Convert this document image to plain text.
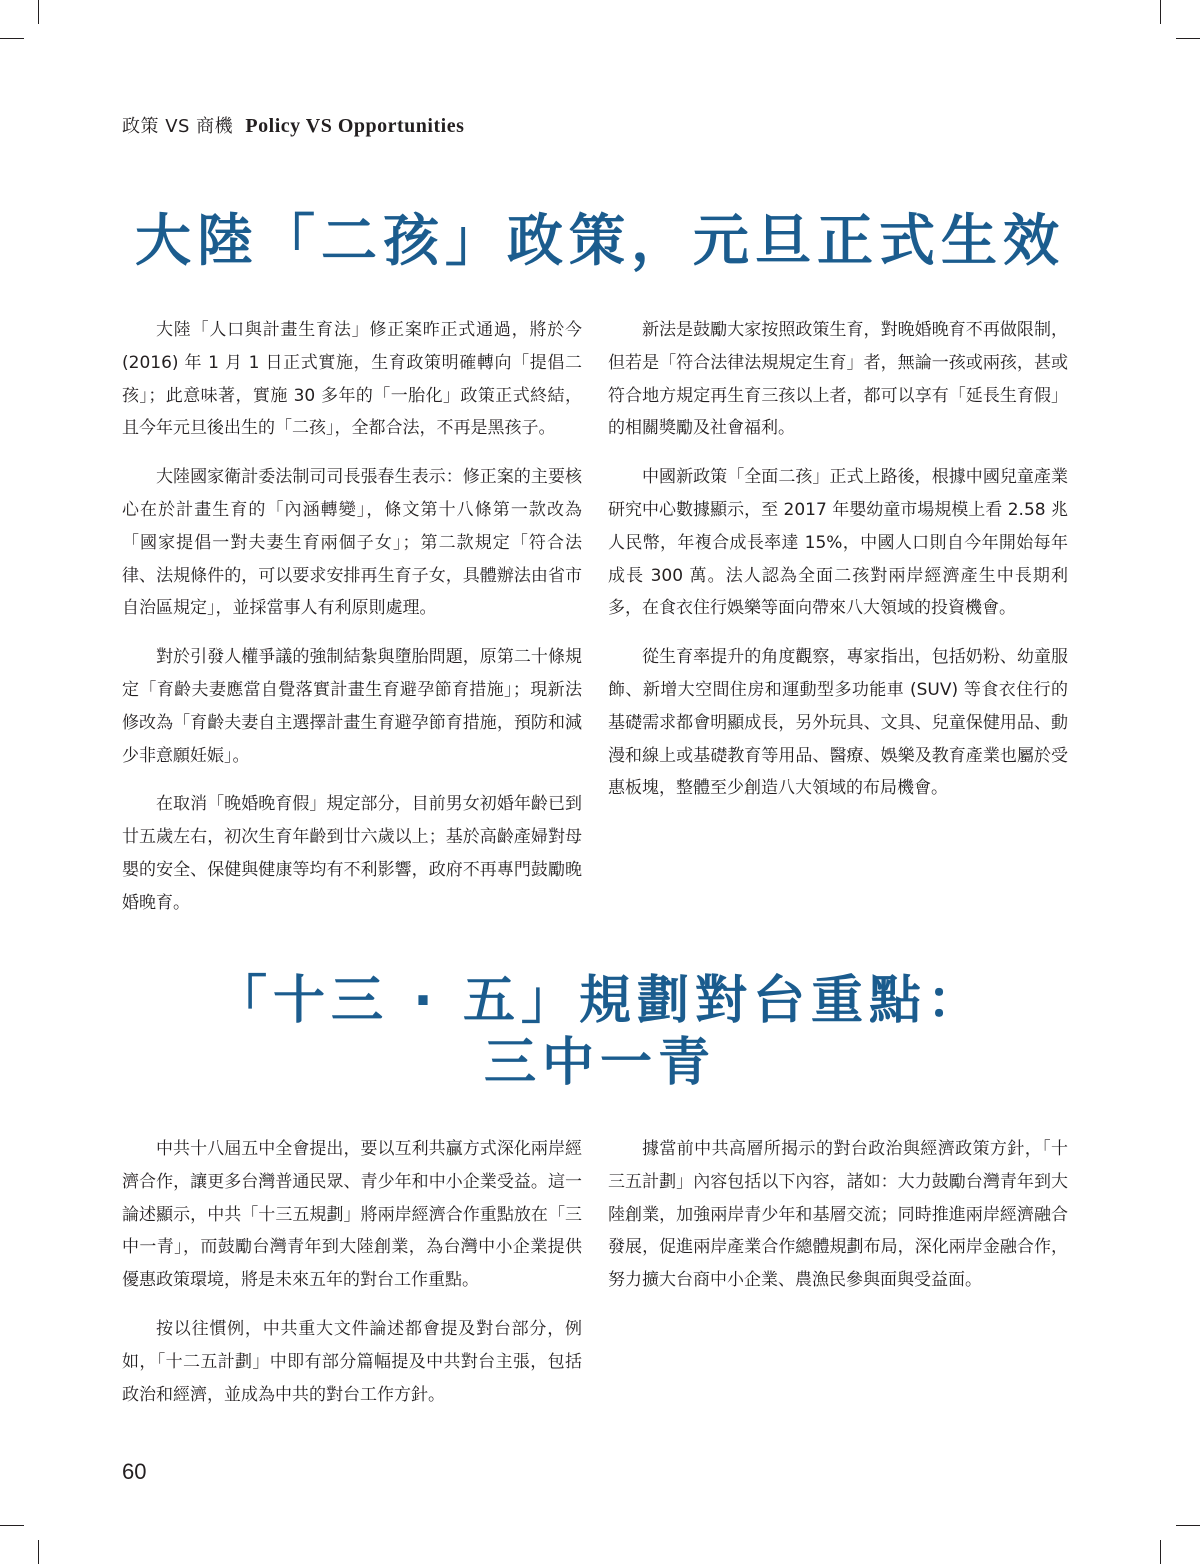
政策 VS 商機 Policy VS Opportunities
大陸「二孩」政策，元旦正式生效

大陸「人口與計畫生育法」修正案昨正式通過，將於今 (2016) 年 1 月 1 日正式實施，生育政策明確轉向「提倡二孩」；此意味著，實施 30 多年的「一胎化」政策正式終結，且今年元旦後出生的「二孩」，全都合法，不再是黑孩子。

大陸國家衛計委法制司司長張春生表示：修正案的主要核心在於計畫生育的「內涵轉變」，條文第十八條第一款改為「國家提倡一對夫妻生育兩個子女」；第二款規定「符合法律、法規條件的，可以要求安排再生育子女，具體辦法由省市自治區規定」，並採當事人有利原則處理。

對於引發人權爭議的強制結紮與墮胎問題，原第二十條規定「育齡夫妻應當自覺落實計畫生育避孕節育措施」；現新法修改為「育齡夫妻自主選擇計畫生育避孕節育措施，預防和減少非意願妊娠」。

在取消「晚婚晚育假」規定部分，目前男女初婚年齡已到廿五歲左右，初次生育年齡到廿六歲以上；基於高齡產婦對母嬰的安全、保健與健康等均有不利影響，政府不再專門鼓勵晚婚晚育。

新法是鼓勵大家按照政策生育，對晚婚晚育不再做限制，但若是「符合法律法規規定生育」者，無論一孩或兩孩，甚或符合地方規定再生育三孩以上者，都可以享有「延長生育假」的相關獎勵及社會福利。

中國新政策「全面二孩」正式上路後，根據中國兒童產業研究中心數據顯示，至 2017 年嬰幼童市場規模上看 2.58 兆人民幣，年複合成長率達 15%，中國人口則自今年開始每年成長 300 萬。法人認為全面二孩對兩岸經濟產生中長期利多，在食衣住行娛樂等面向帶來八大領域的投資機會。

從生育率提升的角度觀察，專家指出，包括奶粉、幼童服飾、新增大空間住房和運動型多功能車 (SUV) 等食衣住行的基礎需求都會明顯成長，另外玩具、文具、兒童保健用品、動漫和線上或基礎教育等用品、醫療、娛樂及教育產業也屬於受惠板塊，整體至少創造八大領域的布局機會。

「十三 · 五」規劃對台重點：
三中一青

中共十八屆五中全會提出，要以互利共贏方式深化兩岸經濟合作，讓更多台灣普通民眾、青少年和中小企業受益。這一論述顯示，中共「十三五規劃」將兩岸經濟合作重點放在「三中一青」，而鼓勵台灣青年到大陸創業，為台灣中小企業提供優惠政策環境，將是未來五年的對台工作重點。

按以往慣例，中共重大文件論述都會提及對台部分，例如，「十二五計劃」中即有部分篇幅提及中共對台主張，包括政治和經濟，並成為中共的對台工作方針。

據當前中共高層所揭示的對台政治與經濟政策方針，「十三五計劃」內容包括以下內容，諸如：大力鼓勵台灣青年到大陸創業，加強兩岸青少年和基層交流；同時推進兩岸經濟融合發展，促進兩岸產業合作總體規劃布局，深化兩岸金融合作，努力擴大台商中小企業、農漁民參與面與受益面。

60
